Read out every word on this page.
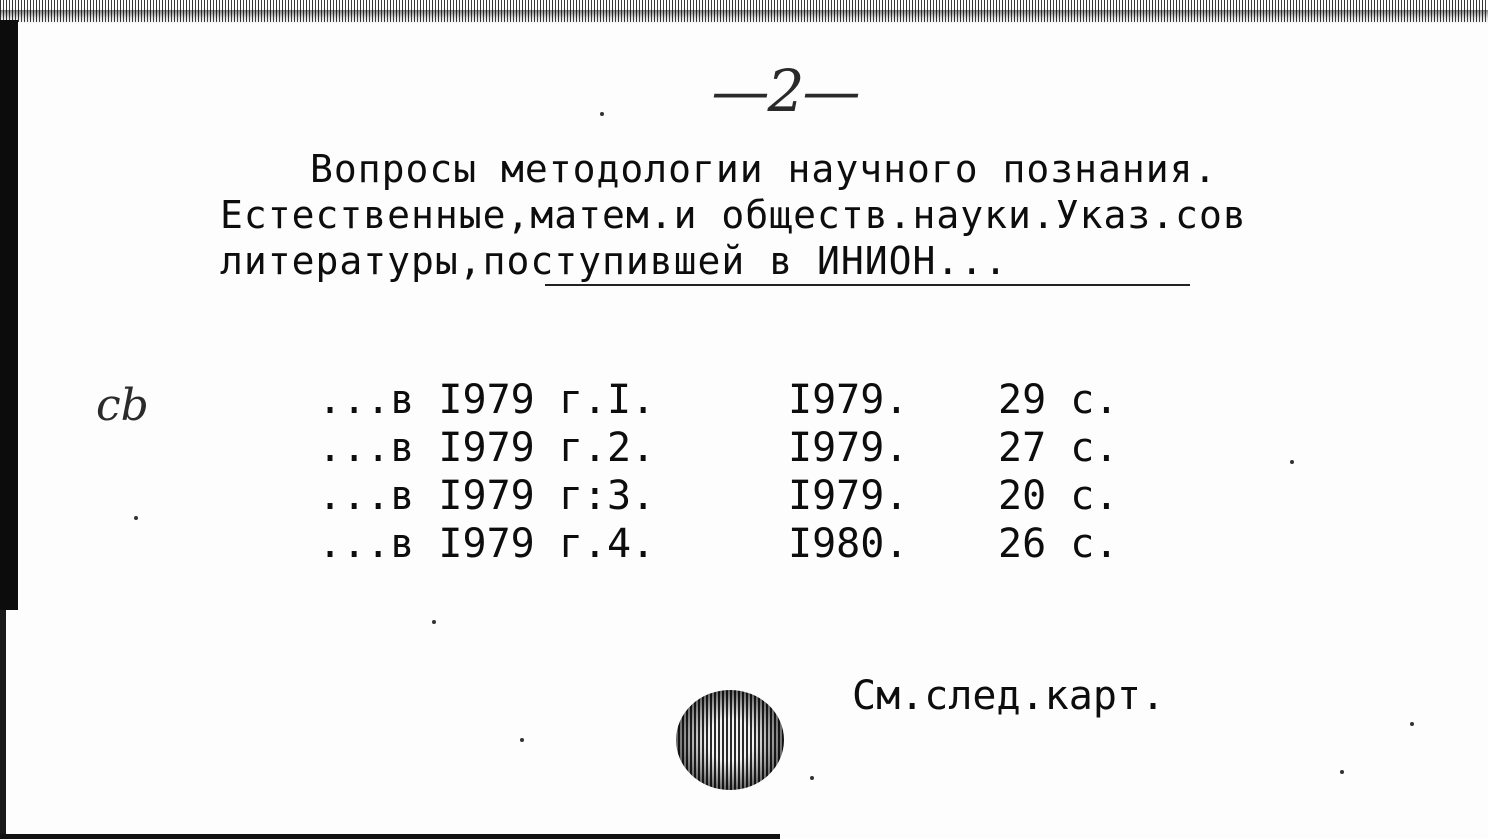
—2—
Вопросы методологии научного познания.
Естественные,матем.и обществ.науки.Указ.сов
литературы,поступившей в ИНИОН...
cb	...в I979 г.I.	I979.	29 с.
...в I979 г.2.	I979.	27 с.
...в I979 г:3.	I979.	20 с.
...в I979 г.4.	I980.	26 с.
См.след.карт.
